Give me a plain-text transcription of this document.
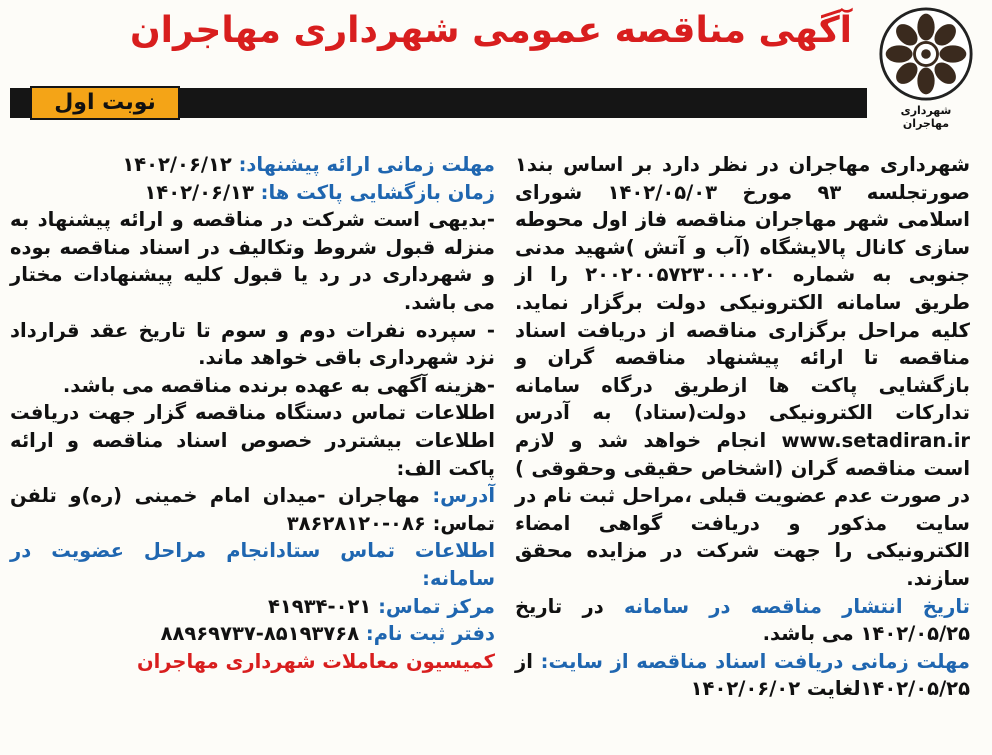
شهرداری مهاجران
آگهی مناقصه عمومی شهرداری مهاجران
نوبت اول

شهرداری مهاجران در نظر دارد بر اساس بند۱ صورتجلسه ۹۳ مورخ ۱۴۰۲/۰۵/۰۳ شورای اسلامی شهر مهاجران مناقصه فاز اول محوطه سازی کانال پالایشگاه (آب و آتش )شهید مدنی جنوبی به شماره ۲۰۰۲۰۰۵۷۲۳۰۰۰۰۲۰ را از طریق سامانه الکترونیکی دولت برگزار نماید. کلیه مراحل برگزاری مناقصه از دریافت اسناد مناقصه تا ارائه پیشنهاد مناقصه گران و بازگشایی پاکت ها ازطریق درگاه سامانه تدارکات الکترونیکی دولت(ستاد) به آدرس www.setadiran.ir انجام خواهد شد و لازم است مناقصه گران (اشخاص حقیقی وحقوقی ) در صورت عدم عضویت قبلی ،مراحل ثبت نام در سایت مذکور و دریافت گواهی امضاء الکترونیکی را جهت شرکت در مزایده محقق سازند.

تاریخ انتشار مناقصه در سامانه در تاریخ ۱۴۰۲/۰۵/۲۵ می باشد.

مهلت زمانی دریافت اسناد مناقصه از سایت: از ۱۴۰۲/۰۵/۲۵لغایت ۱۴۰۲/۰۶/۰۲

مهلت زمانی ارائه پیشنهاد: ۱۴۰۲/۰۶/۱۲

زمان بازگشایی پاکت ها: ۱۴۰۲/۰۶/۱۳

-بدیهی است شرکت در مناقصه و ارائه پیشنهاد به منزله قبول شروط وتکالیف در اسناد مناقصه بوده و شهرداری در رد یا قبول کلیه پیشنهادات مختار می باشد.

- سپرده نفرات دوم و سوم تا تاریخ عقد قرارداد نزد شهرداری باقی خواهد ماند.

-هزینه آگهی به عهده برنده مناقصه می باشد.

اطلاعات تماس دستگاه مناقصه گزار جهت دریافت اطلاعات بیشتردر خصوص اسناد مناقصه و ارائه پاکت الف:

آدرس: مهاجران -میدان امام خمینی (ره)و تلفن تماس: ۰۸۶-۳۸۶۲۸۱۲۰

اطلاعات تماس ستادانجام مراحل عضویت در سامانه:

مرکز تماس: ۰۲۱-۴۱۹۳۴

دفتر ثبت نام: ۸۵۱۹۳۷۶۸-۸۸۹۶۹۷۳۷

کمیسیون معاملات شهرداری مهاجران
